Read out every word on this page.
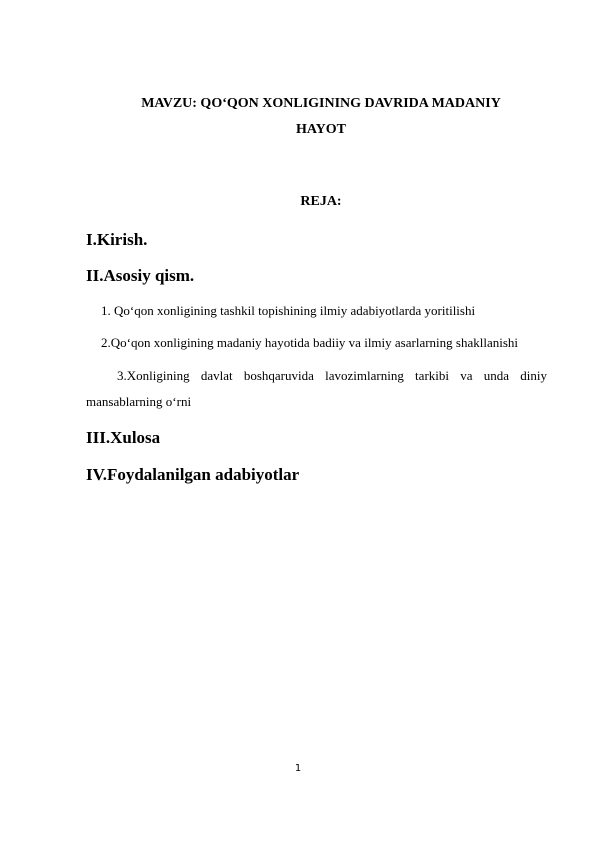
MAVZU: QO‘QON XONLIGINING DAVRIDA MADANIY
HAYOT
REJA:
I.Kirish.
II.Asosiy qism.
1. Qo‘qon xonligining tashkil topishining ilmiy adabiyotlarda yoritilishi
2.Qo‘qon xonligining madaniy hayotida badiiy va ilmiy asarlarning shakllanishi
3.Xonligining davlat boshqaruvida lavozimlarning tarkibi va unda diniy
mansablarning o‘rni
III.Xulosa
IV.Foydalanilgan adabiyotlar
1
